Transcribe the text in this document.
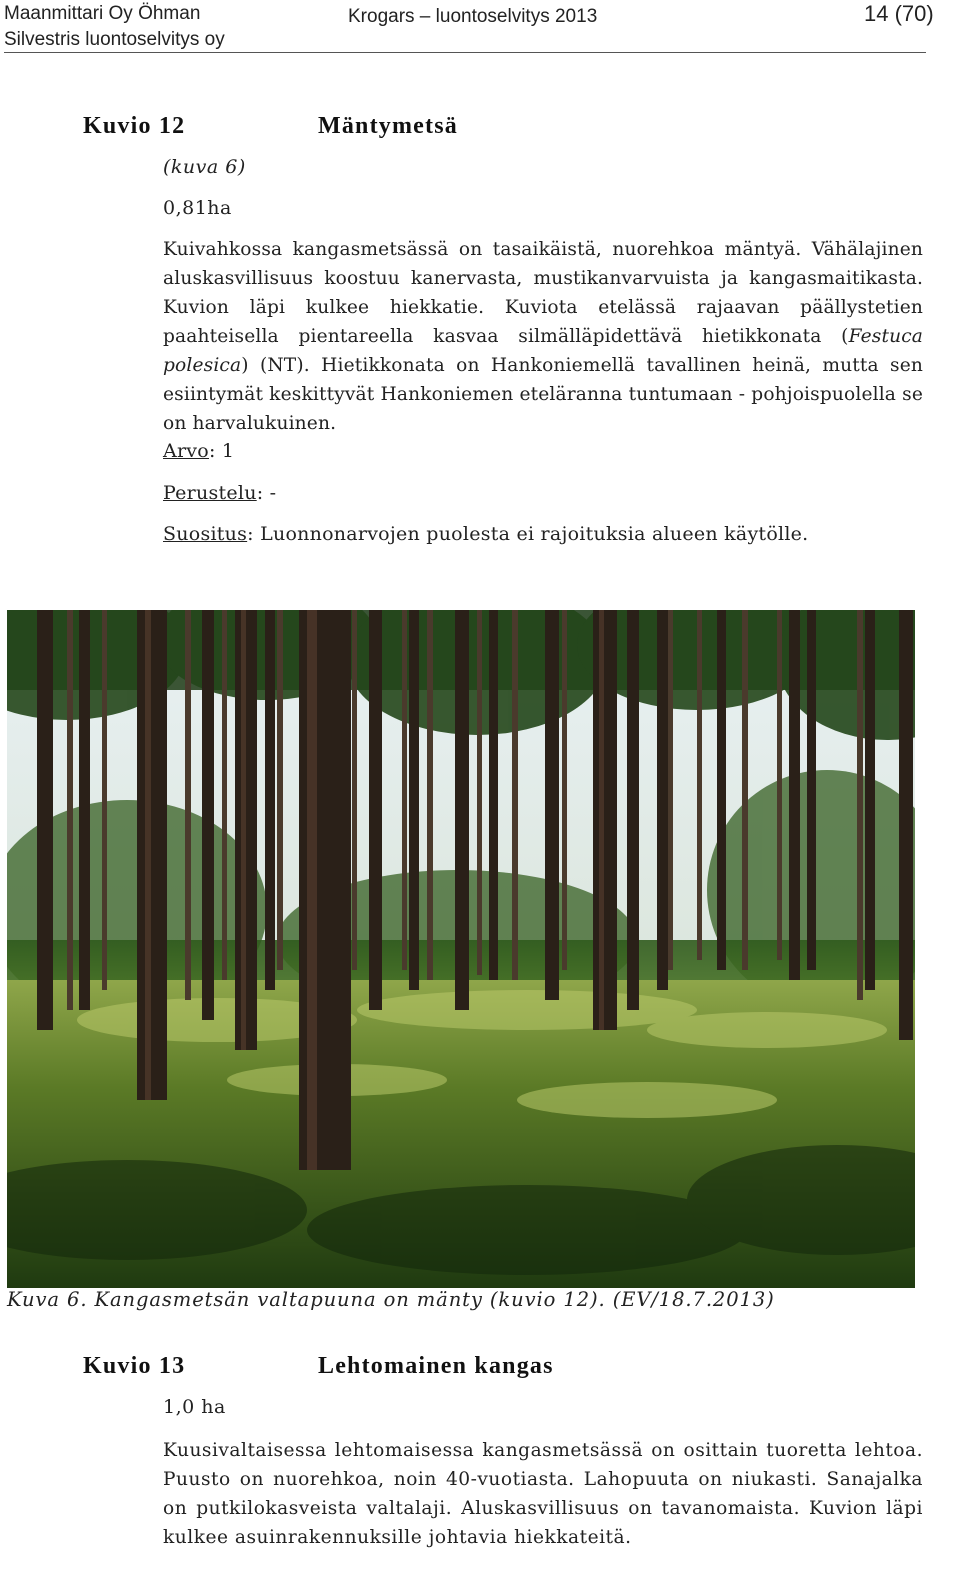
Maanmittari Oy Öhman
Silvestris luontoselvitys oy
Krogars – luontoselvitys 2013	14 (70)
Kuvio 12	Mäntymetsä
(kuva 6)
0,81ha

Kuivahkossa kangasmetsässä on tasaikäistä, nuorehkoa mäntyä. Vähälajinen aluskasvillisuus koostuu kanervasta, mustikanvarvuista ja kangasmaitikasta. Kuvion läpi kulkee hiekkatie. Kuviota etelässä rajaavan päällystetien paahteisella pientareella kasvaa silmälläpidettävä hietikkonata (Festuca polesica) (NT). Hietikkonata on Hankoniemellä tavallinen heinä, mutta sen esiintymät keskittyvät Hankoniemen eteläranna tuntumaan - pohjoispuolella se on harvalukuinen.

Arvo: 1
Perustelu: -
Suositus: Luonnonarvojen puolesta ei rajoituksia alueen käytölle.
Kuva 6. Kangasmetsän valtapuuna on mänty (kuvio 12). (EV/18.7.2013)
Kuvio 13	Lehtomainen kangas
1,0 ha

Kuusivaltaisessa lehtomaisessa kangasmetsässä on osittain tuoretta lehtoa. Puusto on nuorehkoa, noin 40-vuotiasta. Lahopuuta on niukasti. Sanajalka on putkilokasveista valtalaji. Aluskasvillisuus on tavanomaista. Kuvion läpi kulkee asuinrakennuksille johtavia hiekkateitä.
